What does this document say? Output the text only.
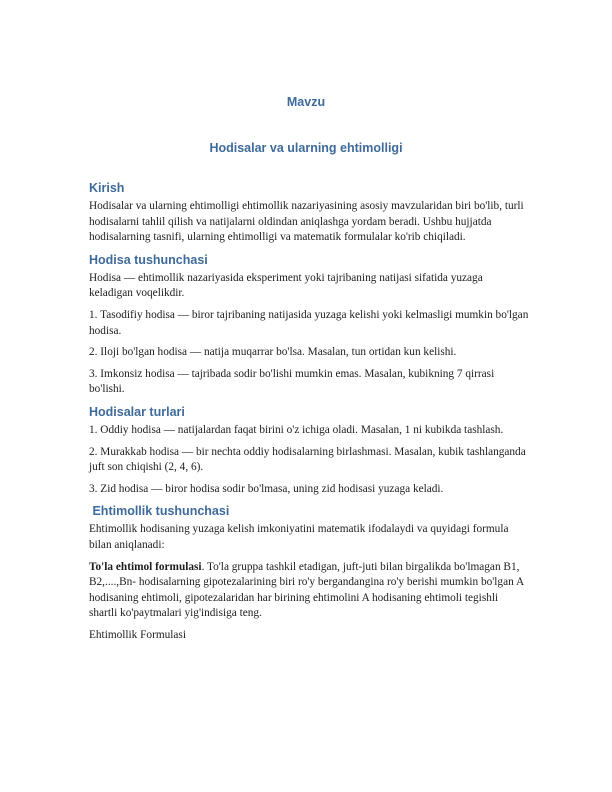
Mavzu

Hodisalar va ularning ehtimolligi

Kirish

Hodisalar va ularning ehtimolligi ehtimollik nazariyasining asosiy mavzularidan biri bo'lib, turli hodisalarni tahlil qilish va natijalarni oldindan aniqlashga yordam beradi. Ushbu hujjatda hodisalarning tasnifi, ularning ehtimolligi va matematik formulalar ko'rib chiqiladi.

Hodisa tushunchasi

Hodisa — ehtimollik nazariyasida eksperiment yoki tajribaning natijasi sifatida yuzaga keladigan voqelikdir.

1. Tasodifiy hodisa — biror tajribaning natijasida yuzaga kelishi yoki kelmasligi mumkin bo'lgan hodisa.

2. Iloji bo'lgan hodisa — natija muqarrar bo'lsa. Masalan, tun ortidan kun kelishi.

3. Imkonsiz hodisa — tajribada sodir bo'lishi mumkin emas. Masalan, kubikning 7 qirrasi bo'lishi.

Hodisalar turlari

1. Oddiy hodisa — natijalardan faqat birini o'z ichiga oladi. Masalan, 1 ni kubikda tashlash.

2. Murakkab hodisa — bir nechta oddiy hodisalarning birlashmasi. Masalan, kubik tashlanganda juft son chiqishi (2, 4, 6).

3. Zid hodisa — biror hodisa sodir bo'lmasa, uning zid hodisasi yuzaga keladi.

Ehtimollik tushunchasi

Ehtimollik hodisaning yuzaga kelish imkoniyatini matematik ifodalaydi va quyidagi formula bilan aniqlanadi:

To'la ehtimol formulasi. To'la gruppa tashkil etadigan, juft-juti bilan birgalikda bo'lmagan B1, B2,....,Bn- hodisalarning gipotezalarining biri ro'y bergandangina ro'y berishi mumkin bo'lgan A hodisaning ehtimoli, gipotezalaridan har birining ehtimolini A hodisaning ehtimoli tegishli shartli ko'paytmalari yig'indisiga teng.

Ehtimollik Formulasi
